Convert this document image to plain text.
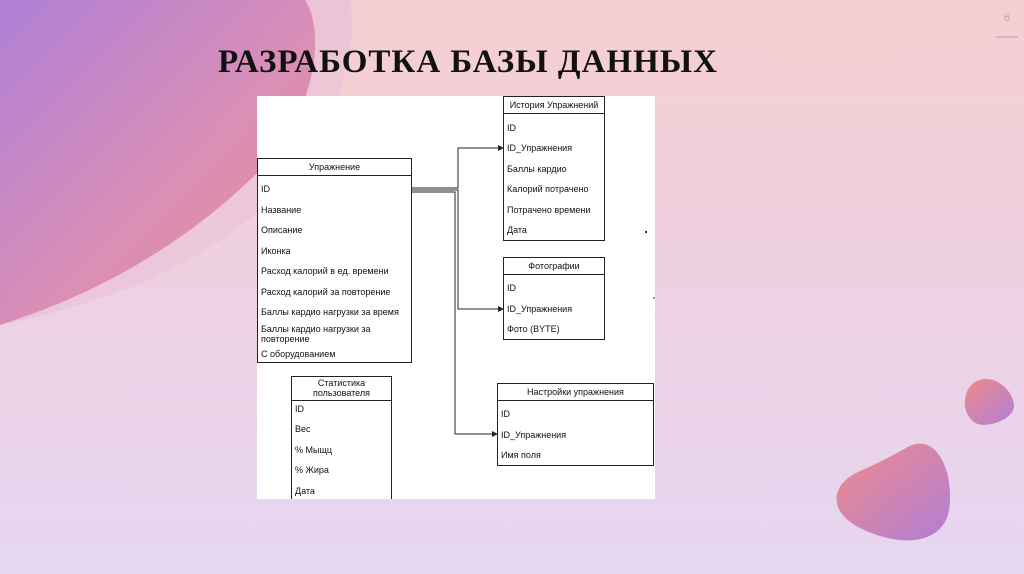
6
РАЗРАБОТКА БАЗЫ ДАННЫХ
Упражнение
ID
Название
Описание
Иконка
Расход калорий в ед. времени
Расход калорий за повторение
Баллы кардио нагрузки за время
Баллы кардио нагрузки за
повторение
С оборудованием
История Упражнений
ID
ID_Упражнения
Баллы кардио
Калорий потрачено
Потрачено времени
Дата
Фотографии
ID
ID_Упражнения
Фото (BYTE)
Настройки упражнения
ID
ID_Упражнения
Имя поля
Статистика
пользователя
ID
Вес
% Мыщц
% Жира
Дата
